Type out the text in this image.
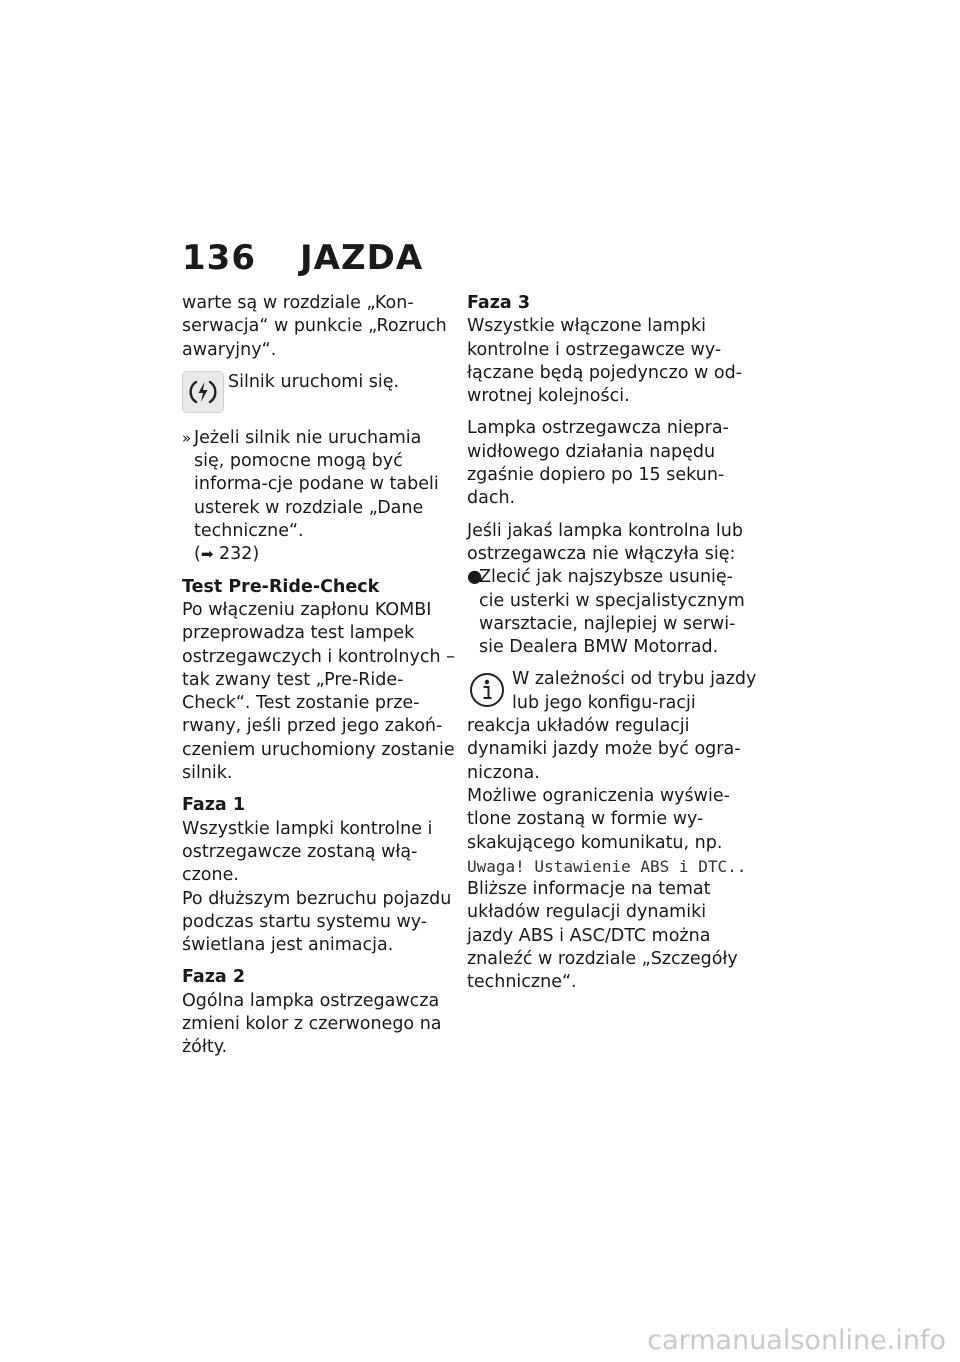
136 JAZDA

warte są w rozdziale „Kon-serwacja“ w punkcie „Rozruch awaryjny“.

Silnik uruchomi się.
» Jeżeli silnik nie uruchamia się, pomocne mogą być informa-cje podane w tabeli usterek w rozdziale „Dane techniczne“.
(➡ 232)

Test Pre-Ride-Check

Po włączeniu zapłonu KOMBI przeprowadza test lampek ostrzegawczych i kontrolnych – tak zwany test „Pre-Ride-Check“. Test zostanie prze-rwany, jeśli przed jego zakoń-czeniem uruchomiony zostanie silnik.

Faza 1

Wszystkie lampki kontrolne i ostrzegawcze zostaną włą-czone.

Po dłuższym bezruchu pojazdu podczas startu systemu wy-świetlana jest animacja.

Faza 2

Ogólna lampka ostrzegawcza zmieni kolor z czerwonego na żółty.

Faza 3

Wszystkie włączone lampki kontrolne i ostrzegawcze wy-łączane będą pojedynczo w od-wrotnej kolejności.

Lampka ostrzegawcza niepra-widłowego działania napędu zgaśnie dopiero po 15 sekun-dach.

Jeśli jakaś lampka kontrolna lub ostrzegawcza nie włączyła się:

●
Zlecić jak najszybsze usunię-cie usterki w specjalistycznym warsztacie, najlepiej w serwi-sie Dealera BMW Motorrad.
W zależności od trybu jazdy lub jego konfigu-racji reakcja układów regulacji dynamiki jazdy może być ogra-niczona.

Możliwe ograniczenia wyświe-tlone zostaną w formie wy-skakującego komunikatu, np.

Uwaga! Ustawienie ABS i DTC..

Bliższe informacje na temat układów regulacji dynamiki jazdy ABS i ASC/DTC można znaleźć w rozdziale „Szczegóły techniczne“.

carmanualsonline.info
